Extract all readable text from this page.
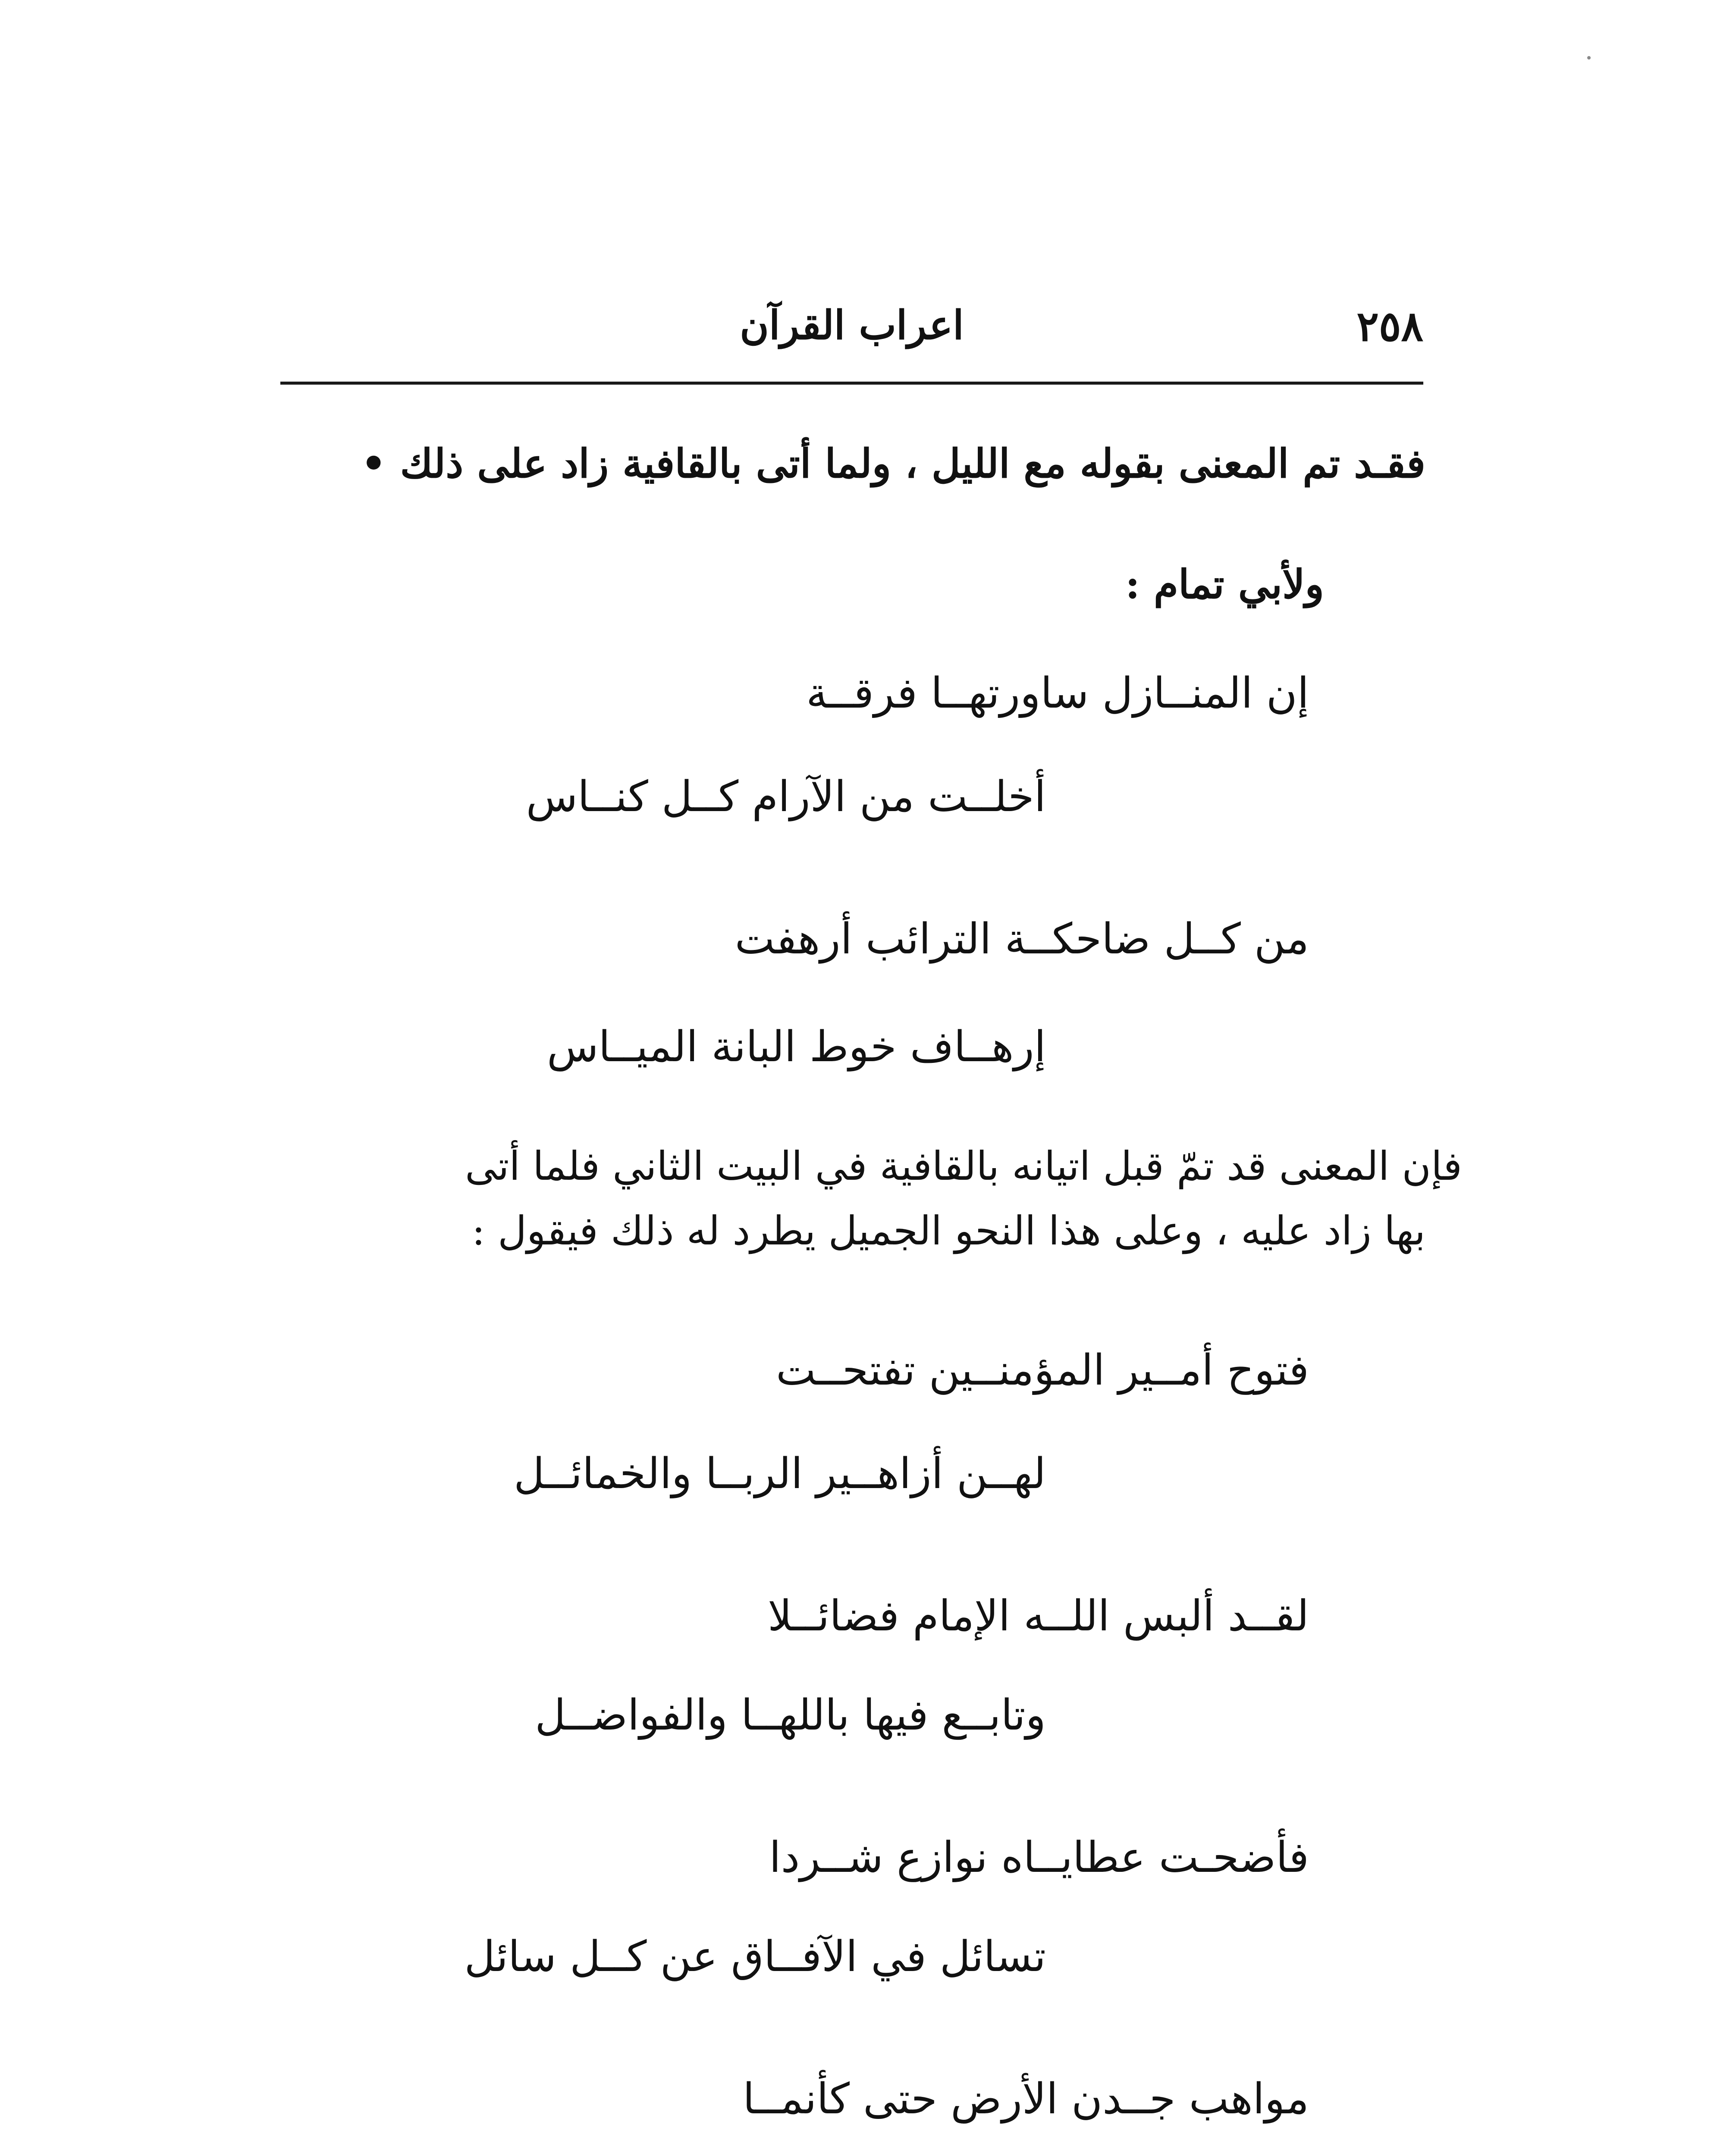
٢٥٨
اعراب القرآن
فقـد تم المعنى بقوله مع الليل ، ولما أتى بالقافية زاد على ذلك •
ولأبي تمام :
إن المنــازل ساورتهــا فرقــة
أخلــت من الآرام كــل كنــاس
من كــل ضاحكــة الترائب أرهفت
إرهــاف خوط البانة الميــاس
فإن المعنى قد تمّ قبل اتيانه بالقافية في البيت الثاني فلما أتى
بها زاد عليه ، وعلى هذا النحو الجميل يطرد له ذلك فيقول :
فتوح أمــير المؤمنــين تفتحــت
لهــن أزاهــير الربــا والخمائــل
لقــد ألبس اللــه الإمام فضائــلا
وتابــع فيها باللهــا والفواضــل
فأضحـت عطايــاه نوازع شــردا
تسائل في الآفــاق عن كــل سائل
مواهب جــدن الأرض حتى كأنمــا
